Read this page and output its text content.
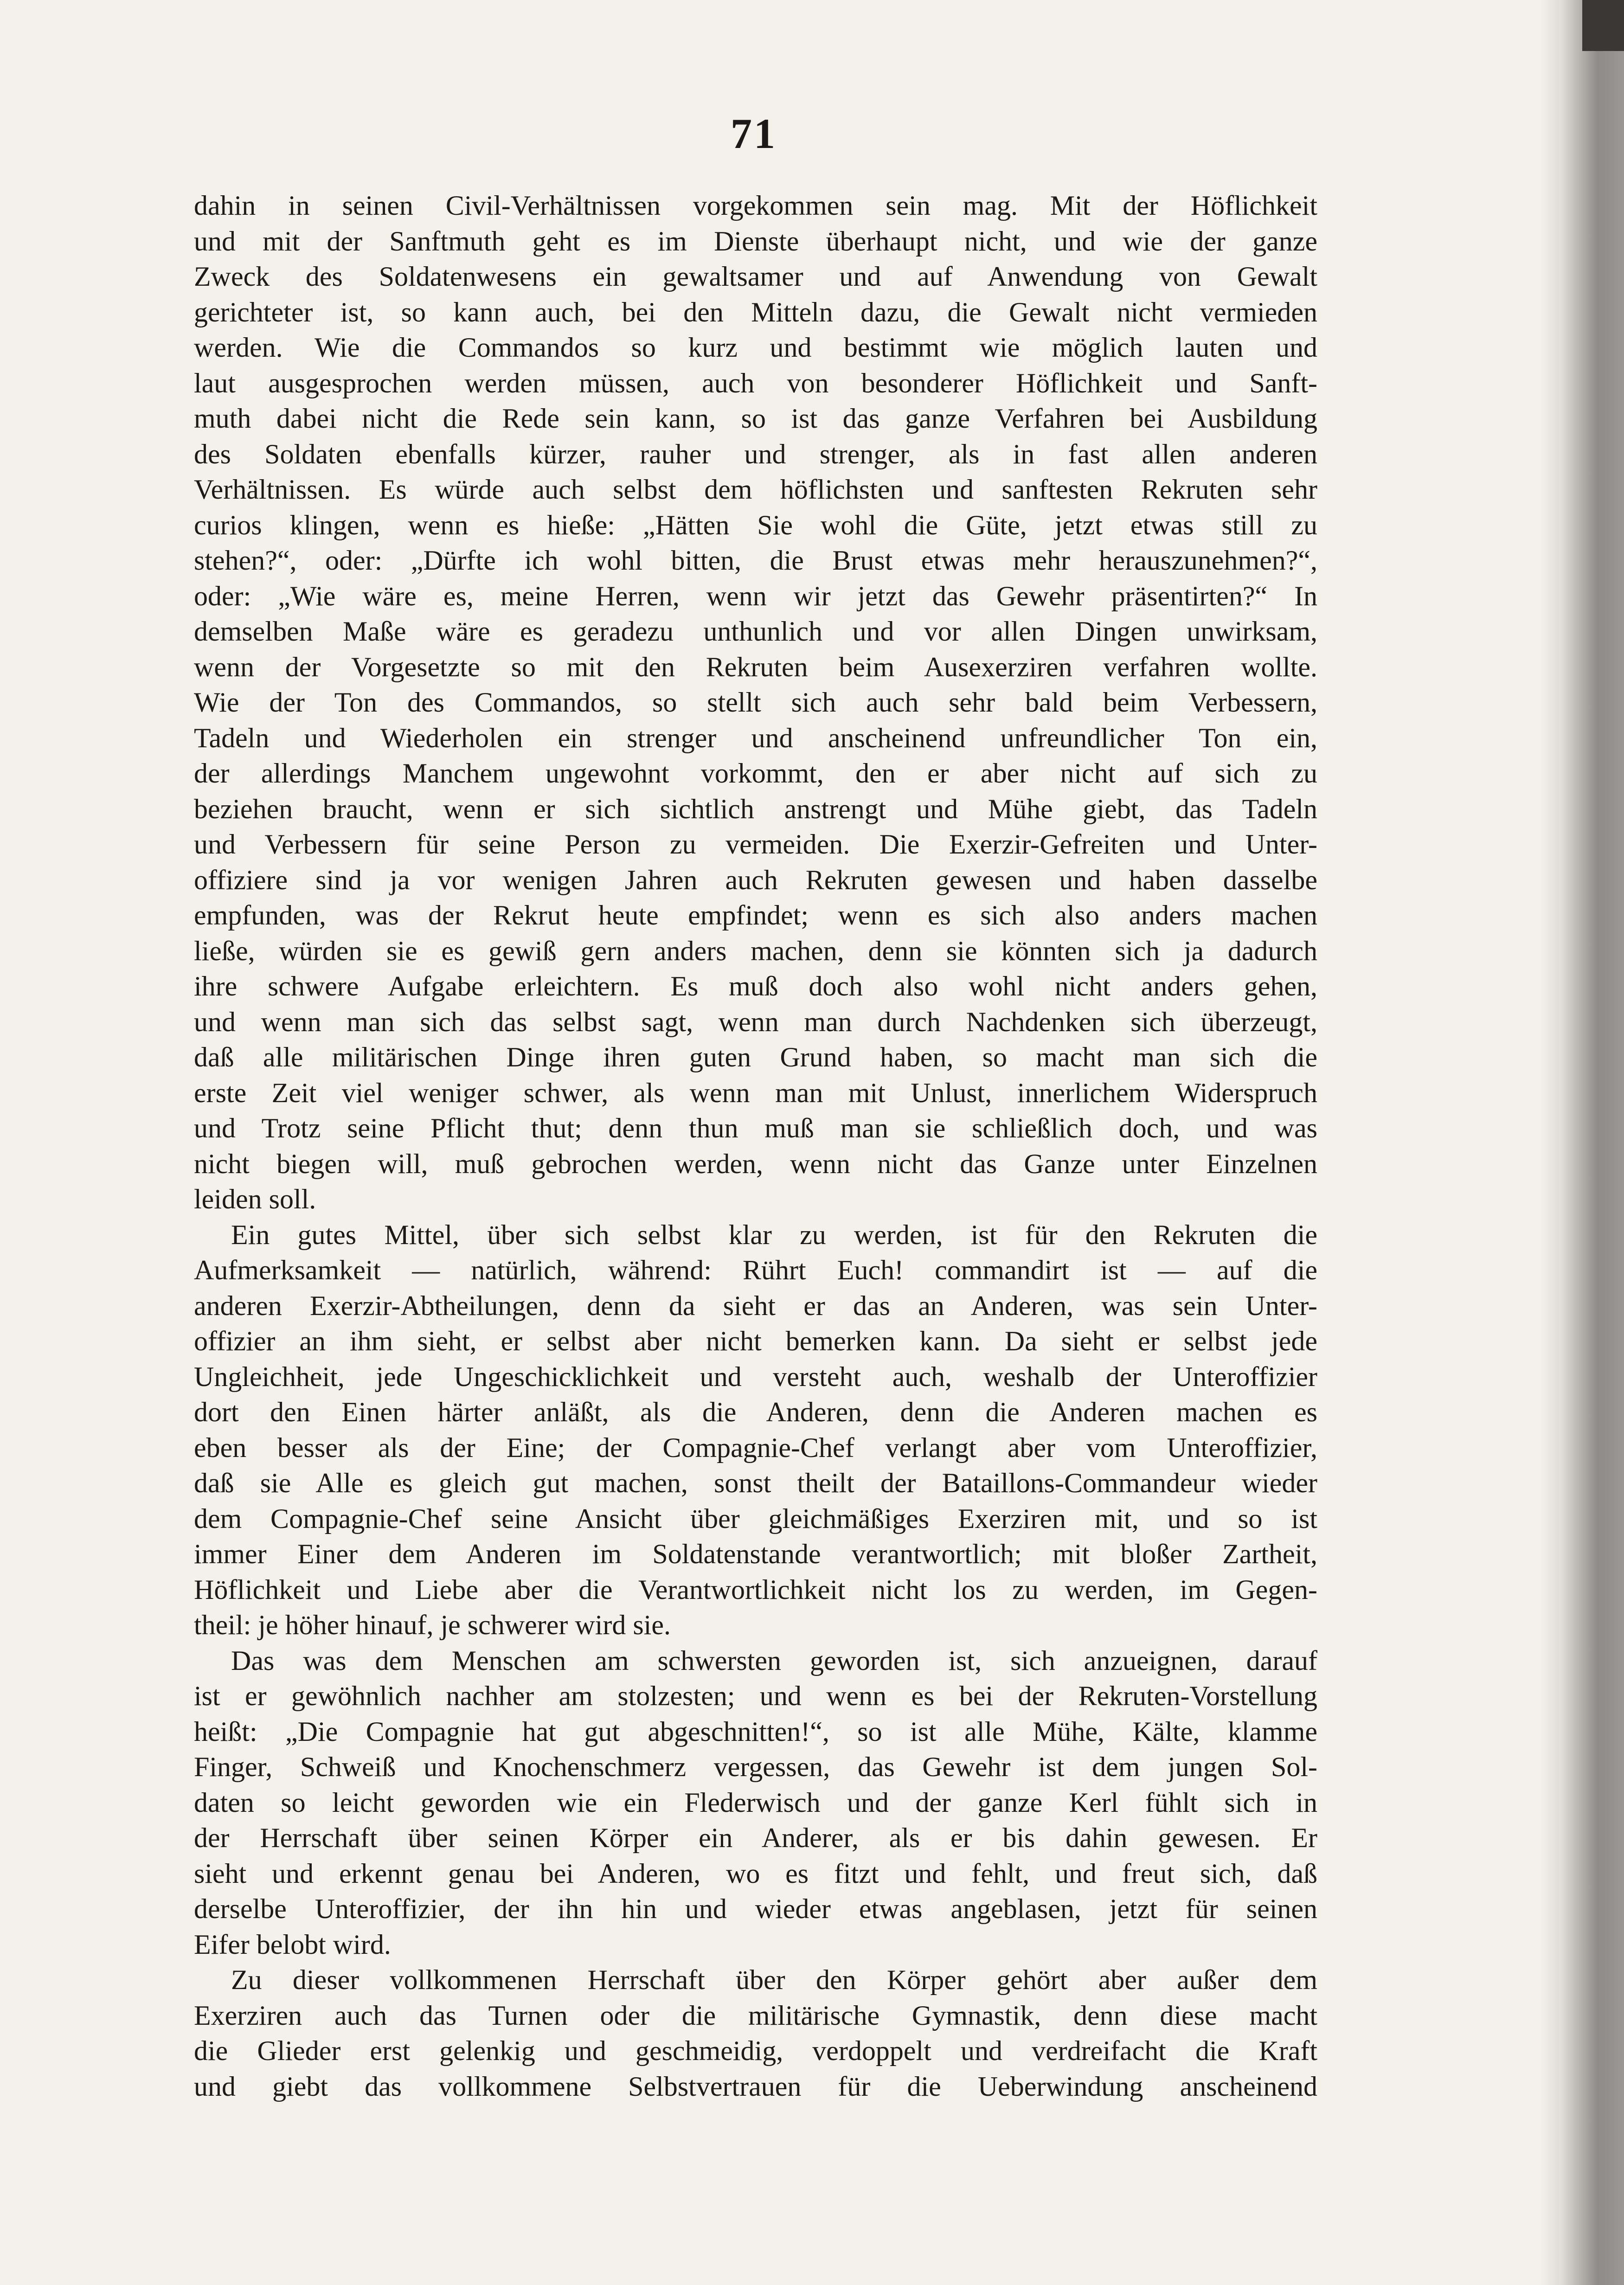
71
dahin in seinen Civil-Verhältnissen vorgekommen sein mag. Mit der Höflichkeit
und mit der Sanftmuth geht es im Dienste überhaupt nicht, und wie der ganze
Zweck des Soldatenwesens ein gewaltsamer und auf Anwendung von Gewalt
gerichteter ist, so kann auch, bei den Mitteln dazu, die Gewalt nicht vermieden
werden. Wie die Commandos so kurz und bestimmt wie möglich lauten und
laut ausgesprochen werden müssen, auch von besonderer Höflichkeit und Sanft-
muth dabei nicht die Rede sein kann, so ist das ganze Verfahren bei Ausbildung
des Soldaten ebenfalls kürzer, rauher und strenger, als in fast allen anderen
Verhältnissen. Es würde auch selbst dem höflichsten und sanftesten Rekruten sehr
curios klingen, wenn es hieße: „Hätten Sie wohl die Güte, jetzt etwas still zu
stehen?“, oder: „Dürfte ich wohl bitten, die Brust etwas mehr herauszunehmen?“,
oder: „Wie wäre es, meine Herren, wenn wir jetzt das Gewehr präsentirten?“ In
demselben Maße wäre es geradezu unthunlich und vor allen Dingen unwirksam,
wenn der Vorgesetzte so mit den Rekruten beim Ausexerziren verfahren wollte.
Wie der Ton des Commandos, so stellt sich auch sehr bald beim Verbessern,
Tadeln und Wiederholen ein strenger und anscheinend unfreundlicher Ton ein,
der allerdings Manchem ungewohnt vorkommt, den er aber nicht auf sich zu
beziehen braucht, wenn er sich sichtlich anstrengt und Mühe giebt, das Tadeln
und Verbessern für seine Person zu vermeiden. Die Exerzir-Gefreiten und Unter-
offiziere sind ja vor wenigen Jahren auch Rekruten gewesen und haben dasselbe
empfunden, was der Rekrut heute empfindet; wenn es sich also anders machen
ließe, würden sie es gewiß gern anders machen, denn sie könnten sich ja dadurch
ihre schwere Aufgabe erleichtern. Es muß doch also wohl nicht anders gehen,
und wenn man sich das selbst sagt, wenn man durch Nachdenken sich überzeugt,
daß alle militärischen Dinge ihren guten Grund haben, so macht man sich die
erste Zeit viel weniger schwer, als wenn man mit Unlust, innerlichem Widerspruch
und Trotz seine Pflicht thut; denn thun muß man sie schließlich doch, und was
nicht biegen will, muß gebrochen werden, wenn nicht das Ganze unter Einzelnen
leiden soll.
Ein gutes Mittel, über sich selbst klar zu werden, ist für den Rekruten die
Aufmerksamkeit — natürlich, während: Rührt Euch! commandirt ist — auf die
anderen Exerzir-Abtheilungen, denn da sieht er das an Anderen, was sein Unter-
offizier an ihm sieht, er selbst aber nicht bemerken kann. Da sieht er selbst jede
Ungleichheit, jede Ungeschicklichkeit und versteht auch, weshalb der Unteroffizier
dort den Einen härter anläßt, als die Anderen, denn die Anderen machen es
eben besser als der Eine; der Compagnie-Chef verlangt aber vom Unteroffizier,
daß sie Alle es gleich gut machen, sonst theilt der Bataillons-Commandeur wieder
dem Compagnie-Chef seine Ansicht über gleichmäßiges Exerziren mit, und so ist
immer Einer dem Anderen im Soldatenstande verantwortlich; mit bloßer Zartheit,
Höflichkeit und Liebe aber die Verantwortlichkeit nicht los zu werden, im Gegen-
theil: je höher hinauf, je schwerer wird sie.
Das was dem Menschen am schwersten geworden ist, sich anzueignen, darauf
ist er gewöhnlich nachher am stolzesten; und wenn es bei der Rekruten-Vorstellung
heißt: „Die Compagnie hat gut abgeschnitten!“, so ist alle Mühe, Kälte, klamme
Finger, Schweiß und Knochenschmerz vergessen, das Gewehr ist dem jungen Sol-
daten so leicht geworden wie ein Flederwisch und der ganze Kerl fühlt sich in
der Herrschaft über seinen Körper ein Anderer, als er bis dahin gewesen. Er
sieht und erkennt genau bei Anderen, wo es fitzt und fehlt, und freut sich, daß
derselbe Unteroffizier, der ihn hin und wieder etwas angeblasen, jetzt für seinen
Eifer belobt wird.
Zu dieser vollkommenen Herrschaft über den Körper gehört aber außer dem
Exerziren auch das Turnen oder die militärische Gymnastik, denn diese macht
die Glieder erst gelenkig und geschmeidig, verdoppelt und verdreifacht die Kraft
und giebt das vollkommene Selbstvertrauen für die Ueberwindung anscheinend
